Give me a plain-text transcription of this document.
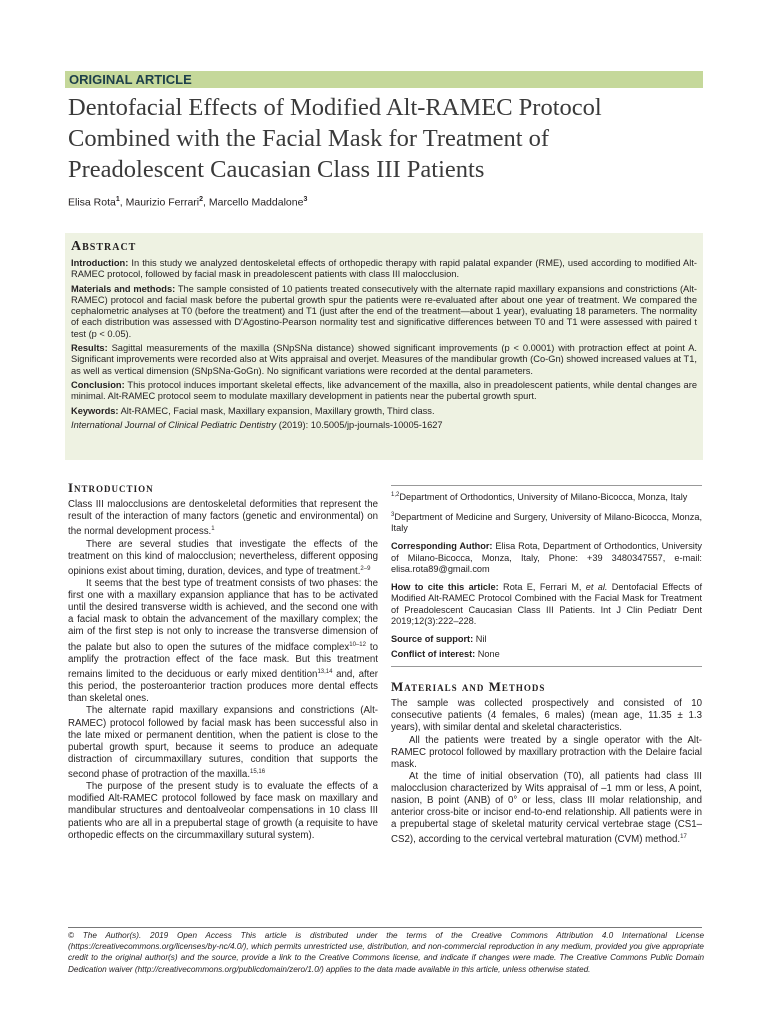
ORIGINAL ARTICLE
Dentofacial Effects of Modified Alt-RAMEC Protocol
Combined with the Facial Mask for Treatment of
Preadolescent Caucasian Class III Patients
Elisa Rota$^1$, Maurizio Ferrari$^2$, Marcello Maddalone$^3$
Abstract

Introduction: In this study we analyzed dentoskeletal effects of orthopedic therapy with rapid palatal expander (RME), used according to modified Alt-RAMEC protocol, followed by facial mask in preadolescent patients with class III malocclusion.

Materials and methods: The sample consisted of 10 patients treated consecutively with the alternate rapid maxillary expansions and constrictions (Alt-RAMEC) protocol and facial mask before the pubertal growth spur the patients were re-evaluated after about one year of treatment. We compared the cephalometric analyses at T0 (before the treatment) and T1 (just after the end of the treatment—about 1 year), evaluating 18 parameters. The normality of each distribution was assessed with D'Agostino-Pearson normality test and significative differences between T0 and T1 were assessed with paired t test (p < 0.05).

Results: Sagittal measurements of the maxilla (SNpSNa distance) showed significant improvements (p < 0.0001) with protraction effect at point A. Significant improvements were recorded also at Wits appraisal and overjet. Measures of the mandibular growth (Co-Gn) showed increased values at T1, as well as vertical dimension (SNpSNa-GoGn). No significant variations were recorded at the dental parameters.

Conclusion: This protocol induces important skeletal effects, like advancement of the maxilla, also in preadolescent patients, while dental changes are minimal. Alt-RAMEC protocol seem to modulate maxillary development in patients near the pubertal growth spurt.

Keywords: Alt-RAMEC, Facial mask, Maxillary expansion, Maxillary growth, Third class.

International Journal of Clinical Pediatric Dentistry (2019): 10.5005/jp-journals-10005-1627

Introduction

Class III malocclusions are dentoskeletal deformities that represent the result of the interaction of many factors (genetic and environmental) on the normal development process.$^1$

There are several studies that investigate the effects of the treatment on this kind of malocclusion; nevertheless, different opposing opinions exist about timing, duration, devices, and type of treatment.$^{2-9}$

It seems that the best type of treatment consists of two phases: the first one with a maxillary expansion appliance that has to be activated until the desired transverse width is achieved, and the second one with a facial mask to obtain the advancement of the maxillary complex; the aim of the first step is not only to increase the transverse dimension of the palate but also to open the sutures of the midface complex$^{10-12}$ to amplify the protraction effect of the face mask. But this treatment remains limited to the deciduous or early mixed dentition$^{13,14}$ and, after this period, the posteroanterior traction produces more dental effects than skeletal ones.

The alternate rapid maxillary expansions and constrictions (Alt-RAMEC) protocol followed by facial mask has been successful also in the late mixed or permanent dentition, when the patient is close to the pubertal growth spurt, because it seems to produce an adequate distraction of circummaxillary sutures, condition that supports the second phase of protraction of the maxilla.$^{15,16}$

The purpose of the present study is to evaluate the effects of a modified Alt-RAMEC protocol followed by face mask on maxillary and mandibular structures and dentoalveolar compensations in 10 class III patients who are all in a prepubertal stage of growth (a requisite to have orthopedic effects on the circummaxillary sutural system).

$^{1,2}$Department of Orthodontics, University of Milano-Bicocca, Monza, Italy

$^3$Department of Medicine and Surgery, University of Milano-Bicocca, Monza, Italy

Corresponding Author: Elisa Rota, Department of Orthodontics, University of Milano-Bicocca, Monza, Italy, Phone: +39 3480347557, e-mail: elisa.rota89@gmail.com

How to cite this article: Rota E, Ferrari M, et al. Dentofacial Effects of Modified Alt-RAMEC Protocol Combined with the Facial Mask for Treatment of Preadolescent Caucasian Class III Patients. Int J Clin Pediatr Dent 2019;12(3):222–228.

Source of support: Nil

Conflict of interest: None

Materials and Methods

The sample was collected prospectively and consisted of 10 consecutive patients (4 females, 6 males) (mean age, 11.35 ± 1.3 years), with similar dental and skeletal characteristics.

All the patients were treated by a single operator with the Alt-RAMEC protocol followed by maxillary protraction with the Delaire facial mask.

At the time of initial observation (T0), all patients had class III malocclusion characterized by Wits appraisal of –1 mm or less, A point, nasion, B point (ANB) of 0° or less, class III molar relationship, and anterior cross-bite or incisor end-to-end relationship. All patients were in a prepubertal stage of skeletal maturity cervical vertebrae stage (CS1–CS2), according to the cervical vertebral maturation (CVM) method.$^{17}$

© The Author(s). 2019 Open Access This article is distributed under the terms of the Creative Commons Attribution 4.0 International License (https://creativecommons.org/licenses/by-nc/4.0/), which permits unrestricted use, distribution, and non-commercial reproduction in any medium, provided you give appropriate credit to the original author(s) and the source, provide a link to the Creative Commons license, and indicate if changes were made. The Creative Commons Public Domain Dedication waiver (http://creativecommons.org/publicdomain/zero/1.0/) applies to the data made available in this article, unless otherwise stated.
